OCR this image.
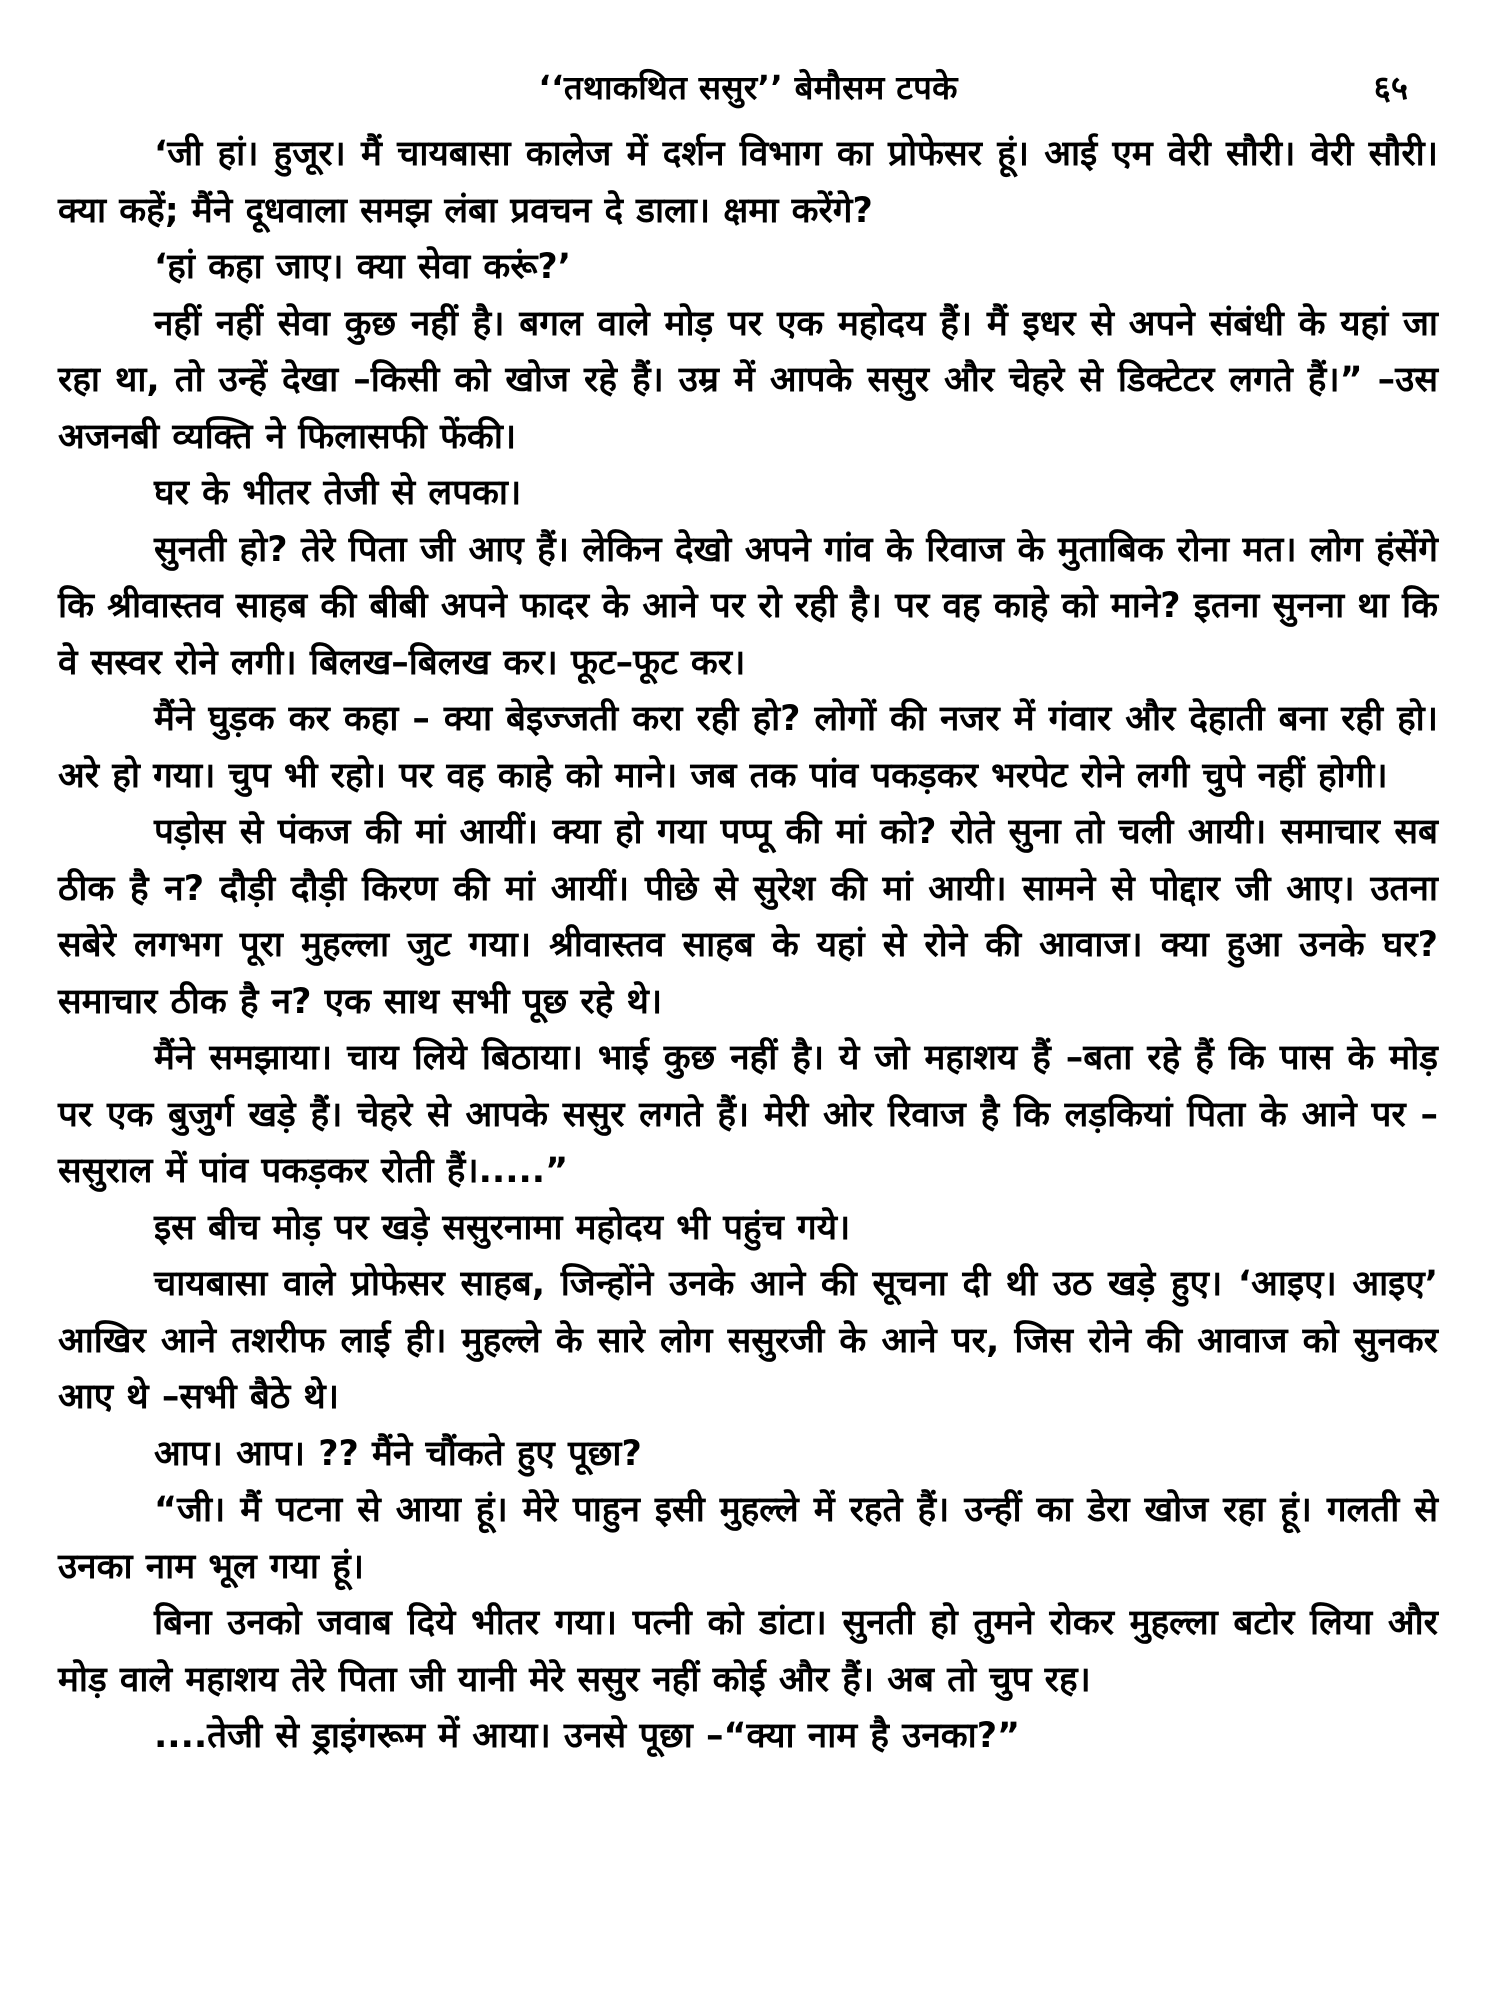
‘‘तथाकथित ससुर’’ बेमौसम टपके	६५

‘जी हां। हुजूर। मैं चायबासा कालेज में दर्शन विभाग का प्रोफेसर हूं। आई एम वेरी सौरी। वेरी सौरी। क्या कहें; मैंने दूधवाला समझ लंबा प्रवचन दे डाला। क्षमा करेंगे?

‘हां कहा जाए। क्या सेवा करूं?’

नहीं नहीं सेवा कुछ नहीं है। बगल वाले मोड़ पर एक महोदय हैं। मैं इधर से अपने संबंधी के यहां जा रहा था, तो उन्हें देखा –किसी को खोज रहे हैं। उम्र में आपके ससुर और चेहरे से डिक्टेटर लगते हैं।” –उस अजनबी व्यक्ति ने फिलासफी फेंकी।

घर के भीतर तेजी से लपका।

सुनती हो? तेरे पिता जी आए हैं। लेकिन देखो अपने गांव के रिवाज के मुताबिक रोना मत। लोग हंसेंगे कि श्रीवास्तव साहब की बीबी अपने फादर के आने पर रो रही है। पर वह काहे को माने? इतना सुनना था कि वे सस्वर रोने लगी। बिलख–बिलख कर। फूट–फूट कर।

मैंने घुड़क कर कहा – क्या बेइज्जती करा रही हो? लोगों की नजर में गंवार और देहाती बना रही हो। अरे हो गया। चुप भी रहो। पर वह काहे को माने। जब तक पांव पकड़कर भरपेट रोने लगी चुपे नहीं होगी।

पड़ोस से पंकज की मां आयीं। क्या हो गया पप्पू की मां को? रोते सुना तो चली आयी। समाचार सब ठीक है न? दौड़ी दौड़ी किरण की मां आयीं। पीछे से सुरेश की मां आयी। सामने से पोद्दार जी आए। उतना सबेरे लगभग पूरा मुहल्ला जुट गया। श्रीवास्तव साहब के यहां से रोने की आवाज। क्या हुआ उनके घर? समाचार ठीक है न? एक साथ सभी पूछ रहे थे।

मैंने समझाया। चाय लिये बिठाया। भाई कुछ नहीं है। ये जो महाशय हैं –बता रहे हैं कि पास के मोड़ पर एक बुजुर्ग खड़े हैं। चेहरे से आपके ससुर लगते हैं। मेरी ओर रिवाज है कि लड़कियां पिता के आने पर –ससुराल में पांव पकड़कर रोती हैं।.....”

इस बीच मोड़ पर खड़े ससुरनामा महोदय भी पहुंच गये।

चायबासा वाले प्रोफेसर साहब, जिन्होंने उनके आने की सूचना दी थी उठ खड़े हुए। ‘आइए। आइए’ आखिर आने तशरीफ लाई ही। मुहल्ले के सारे लोग ससुरजी के आने पर, जिस रोने की आवाज को सुनकर आए थे –सभी बैठे थे।

आप। आप। ?? मैंने चौंकते हुए पूछा?

“जी। मैं पटना से आया हूं। मेरे पाहुन इसी मुहल्ले में रहते हैं। उन्हीं का डेरा खोज रहा हूं। गलती से उनका नाम भूल गया हूं।

बिना उनको जवाब दिये भीतर गया। पत्नी को डांटा। सुनती हो तुमने रोकर मुहल्ला बटोर लिया और मोड़ वाले महाशय तेरे पिता जी यानी मेरे ससुर नहीं कोई और हैं। अब तो चुप रह।

....तेजी से ड्राइंगरूम में आया। उनसे पूछा –“क्या नाम है उनका?”
